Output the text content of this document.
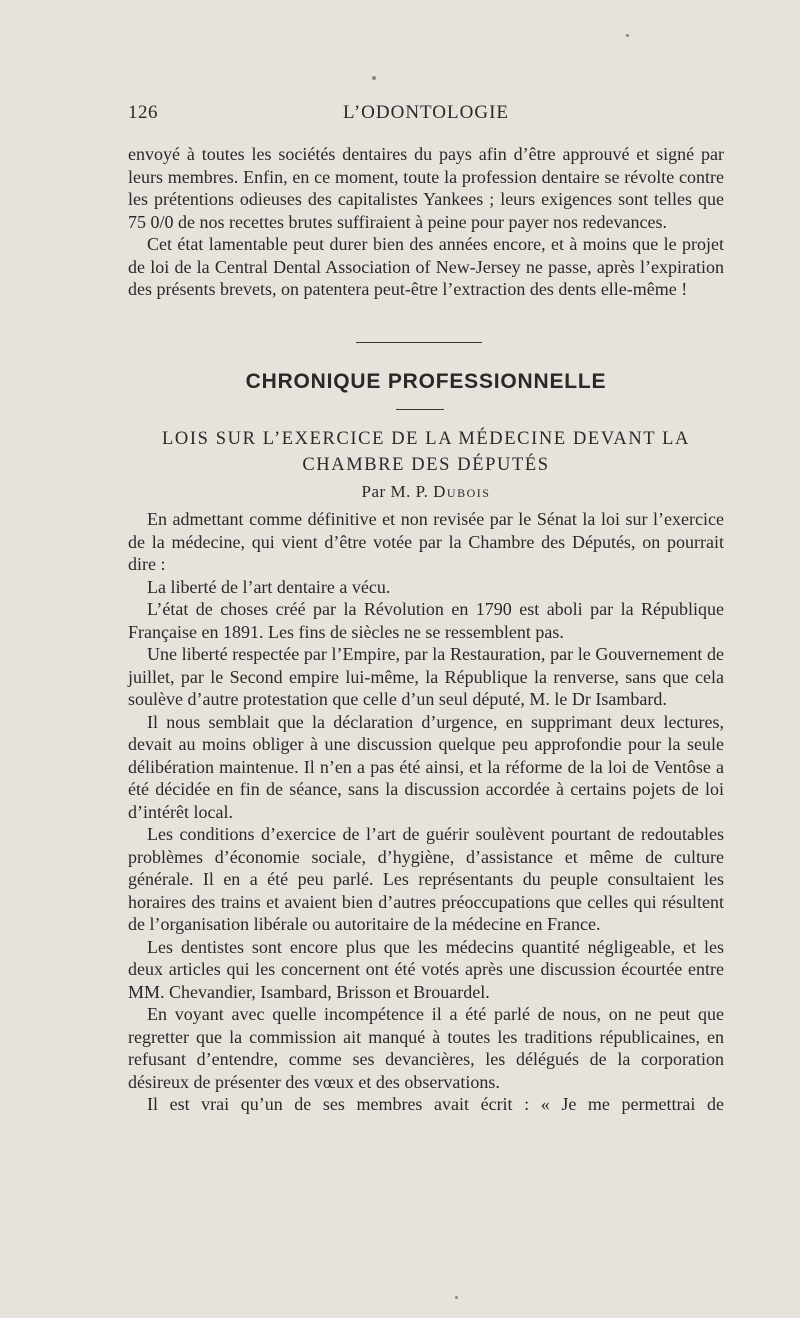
126	L’ODONTOLOGIE

envoyé à toutes les sociétés dentaires du pays afin d’être approuvé et signé par leurs membres. Enfin, en ce moment, toute la profession dentaire se révolte contre les prétentions odieuses des capitalistes Yankees ; leurs exigences sont telles que 75 0/0 de nos recettes brutes suffiraient à peine pour payer nos redevances.

Cet état lamentable peut durer bien des années encore, et à moins que le projet de loi de la Central Dental Association of New-Jersey ne passe, après l’expiration des présents brevets, on patentera peut-être l’extraction des dents elle-même !

CHRONIQUE PROFESSIONNELLE
LOIS SUR L’EXERCICE DE LA MÉDECINE DEVANT LA
CHAMBRE DES DÉPUTÉS
Par M. P. Dubois

En admettant comme définitive et non revisée par le Sénat la loi sur l’exercice de la médecine, qui vient d’être votée par la Chambre des Députés, on pourrait dire :

La liberté de l’art dentaire a vécu.

L’état de choses créé par la Révolution en 1790 est aboli par la République Française en 1891. Les fins de siècles ne se ressemblent pas.

Une liberté respectée par l’Empire, par la Restauration, par le Gouvernement de juillet, par le Second empire lui-même, la République la renverse, sans que cela soulève d’autre protestation que celle d’un seul député, M. le Dr Isambard.

Il nous semblait que la déclaration d’urgence, en supprimant deux lectures, devait au moins obliger à une discussion quelque peu approfondie pour la seule délibération maintenue. Il n’en a pas été ainsi, et la réforme de la loi de Ventôse a été décidée en fin de séance, sans la discussion accordée à certains pojets de loi d’intérêt local.

Les conditions d’exercice de l’art de guérir soulèvent pourtant de redoutables problèmes d’économie sociale, d’hygiène, d’assistance et même de culture générale. Il en a été peu parlé. Les représentants du peuple consultaient les horaires des trains et avaient bien d’autres préoccupations que celles qui résultent de l’organisation libérale ou autoritaire de la médecine en France.

Les dentistes sont encore plus que les médecins quantité négligeable, et les deux articles qui les concernent ont été votés après une discussion écourtée entre MM. Chevandier, Isambard, Brisson et Brouardel.

En voyant avec quelle incompétence il a été parlé de nous, on ne peut que regretter que la commission ait manqué à toutes les traditions républicaines, en refusant d’entendre, comme ses devancières, les délégués de la corporation désireux de présenter des vœux et des observations.

Il est vrai qu’un de ses membres avait écrit : « Je me permettrai de
